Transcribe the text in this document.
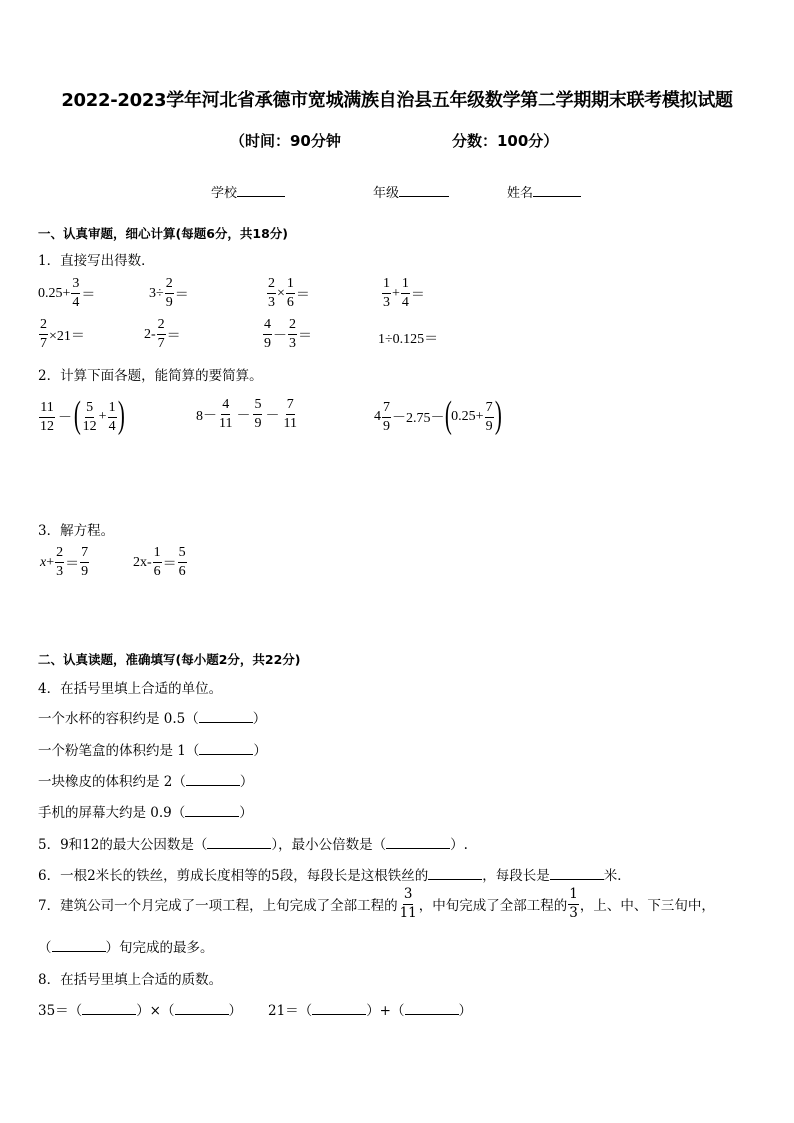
2022-2023学年河北省承德市宽城满族自治县五年级数学第二学期期末联考模拟试题
（时间：90分钟	分数：100分）
学校	年级	姓名
一、认真审题，细心计算(每题6分，共18分)
1．直接写出得数．
$0.25+ \frac{3}{4}$ ＝	$3\div \frac{2}{9}$ ＝	$\frac{2}{3} \times \frac{1}{6}$ ＝	$\frac{1}{3} + \frac{1}{4}$ ＝
$\frac{2}{7} \times 21=$	$2- \frac{2}{7}$ ＝	$\frac{4}{9} - \frac{2}{3}$ ＝	1÷0.125＝
2．计算下面各题，能简算的要简算。
$\frac{11}{12}$ － ( $\frac{5}{12} + \frac{1}{4}$ )	$8- \frac{4}{11} - \frac{5}{9} - \frac{7}{11}$	$4 \frac{7}{9} -2.75-$ ( $0.25+ \frac{7}{9}$ )
3．解方程。
$x + \frac{2}{3} = \frac{7}{9}$	$2x- \frac{1}{6} = \frac{5}{6}$
二、认真读题，准确填写(每小题2分，共22分)
4．在括号里填上合适的单位。
一个水杯的容积约是 0.5（	）
一个粉笔盒的体积约是 1（	）
一块橡皮的体积约是 2（	）
手机的屏幕大约是 0.9（	）
5．9和12的最大公因数是（	），最小公倍数是（	）.
6．一根2米长的铁丝，剪成长度相等的5段，每段长是这根铁丝的	，每段长是	米．
7．建筑公司一个月完成了一项工程，上旬完成了全部工程的 $\frac{3}{11}$ ，中旬完成了全部工程的 $\frac{1}{3}$ ，上、中、下三旬中，
（	）旬完成的最多。
8．在括号里填上合适的质数。
35＝（	）×（	） 21＝（	）+（	）
